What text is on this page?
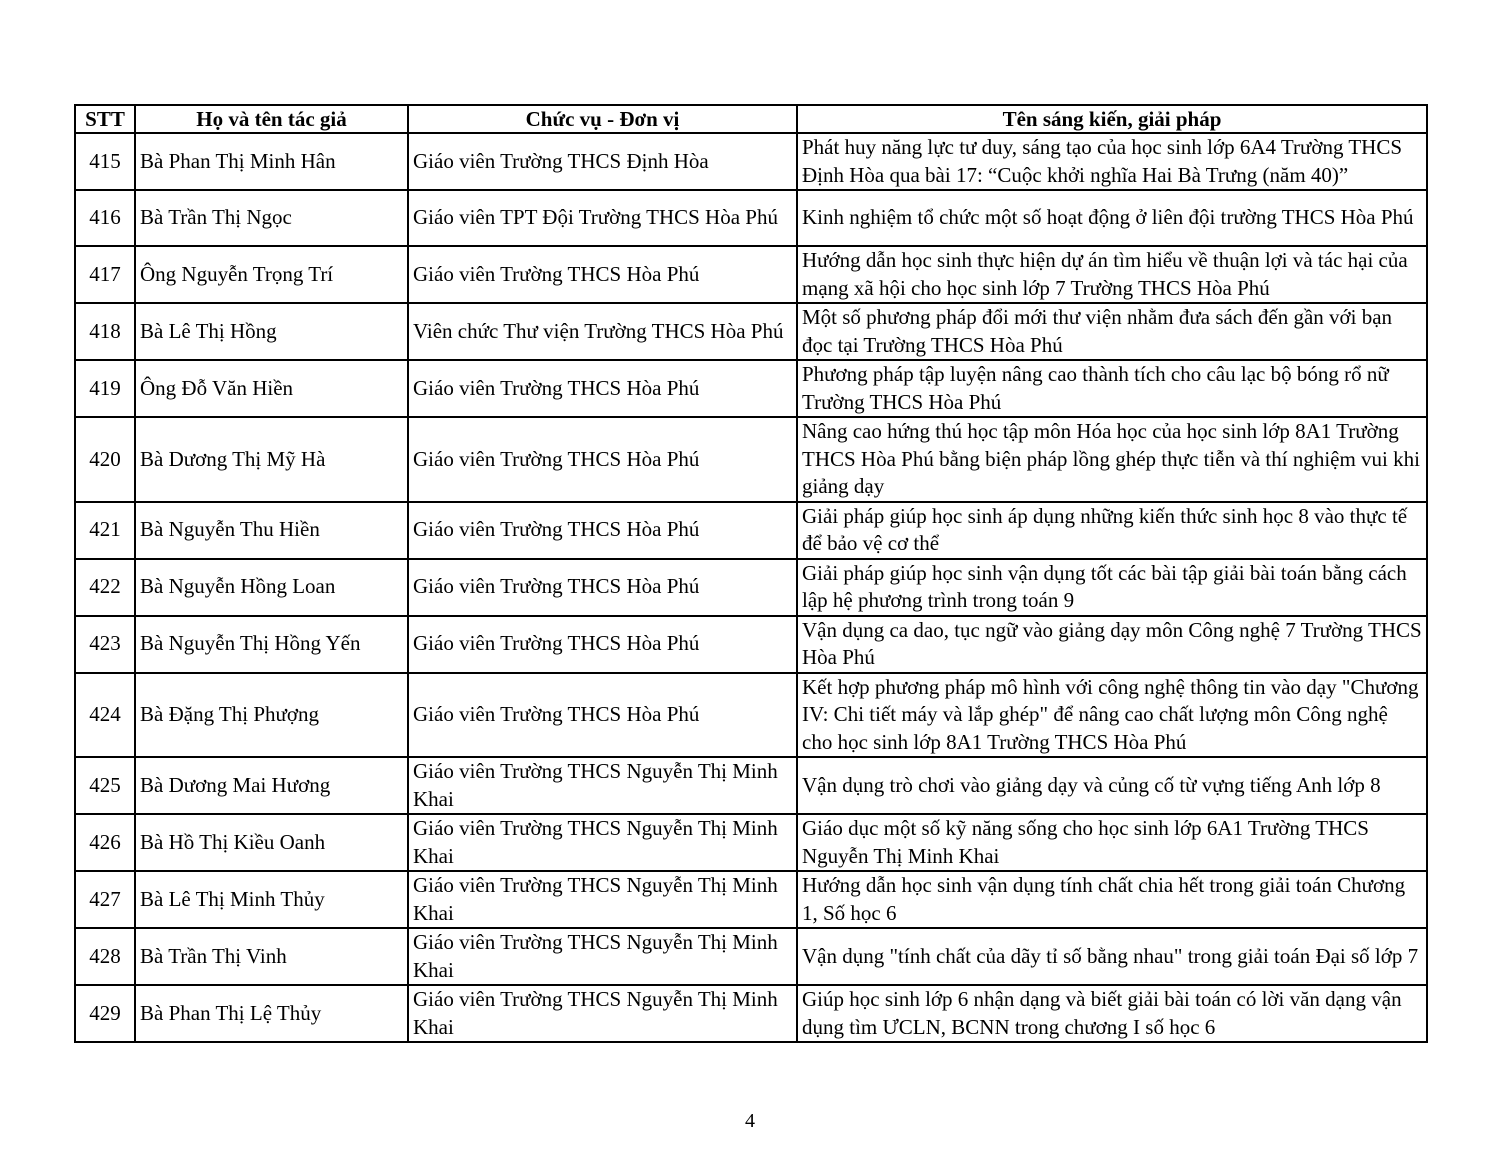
STT	Họ và tên tác giả	Chức vụ - Đơn vị	Tên sáng kiến, giải pháp
415	Bà Phan Thị Minh Hân	Giáo viên Trường THCS Định Hòa	Phát huy năng lực tư duy, sáng tạo của học sinh lớp 6A4 Trường THCS Định Hòa qua bài 17: “Cuộc khởi nghĩa Hai Bà Trưng (năm 40)”
416	Bà Trần Thị Ngọc	Giáo viên TPT Đội Trường THCS Hòa Phú	Kinh nghiệm tổ chức một số hoạt động ở liên đội trường THCS Hòa Phú
417	Ông Nguyễn Trọng Trí	Giáo viên Trường THCS Hòa Phú	Hướng dẫn học sinh thực hiện dự án tìm hiểu về thuận lợi và tác hại của mạng xã hội cho học sinh lớp 7 Trường THCS Hòa Phú
418	Bà Lê Thị Hồng	Viên chức Thư viện Trường THCS Hòa Phú	Một số phương pháp đổi mới thư viện nhằm đưa sách đến gần với bạn đọc tại Trường THCS Hòa Phú
419	Ông Đỗ Văn Hiền	Giáo viên Trường THCS Hòa Phú	Phương pháp tập luyện nâng cao thành tích cho câu lạc bộ bóng rổ nữ Trường THCS Hòa Phú
420	Bà Dương Thị Mỹ Hà	Giáo viên Trường THCS Hòa Phú	Nâng cao hứng thú học tập môn Hóa học của học sinh lớp 8A1 Trường THCS Hòa Phú bằng biện pháp lồng ghép thực tiễn và thí nghiệm vui khi giảng dạy
421	Bà Nguyễn Thu Hiền	Giáo viên Trường THCS Hòa Phú	Giải pháp giúp học sinh áp dụng những kiến thức sinh học 8 vào thực tế để bảo vệ cơ thể
422	Bà Nguyễn Hồng Loan	Giáo viên Trường THCS Hòa Phú	Giải pháp giúp học sinh vận dụng tốt các bài tập giải bài toán bằng cách lập hệ phương trình trong toán 9
423	Bà Nguyễn Thị Hồng Yến	Giáo viên Trường THCS Hòa Phú	Vận dụng ca dao, tục ngữ vào giảng dạy môn Công nghệ 7 Trường THCS Hòa Phú
424	Bà Đặng Thị Phượng	Giáo viên Trường THCS Hòa Phú	Kết hợp phương pháp mô hình với công nghệ thông tin vào dạy "Chương IV: Chi tiết máy và lắp ghép" để nâng cao chất lượng môn Công nghệ cho học sinh lớp 8A1 Trường THCS Hòa Phú
425	Bà Dương Mai Hương	Giáo viên Trường THCS Nguyễn Thị Minh Khai	Vận dụng trò chơi vào giảng dạy và củng cố từ vựng tiếng Anh lớp 8
426	Bà Hồ Thị Kiều Oanh	Giáo viên Trường THCS Nguyễn Thị Minh Khai	Giáo dục một số kỹ năng sống cho học sinh lớp 6A1 Trường THCS Nguyễn Thị Minh Khai
427	Bà Lê Thị Minh Thủy	Giáo viên Trường THCS Nguyễn Thị Minh Khai	Hướng dẫn học sinh vận dụng tính chất chia hết trong giải toán Chương 1, Số học 6
428	Bà Trần Thị Vinh	Giáo viên Trường THCS Nguyễn Thị Minh Khai	Vận dụng "tính chất của dãy tỉ số bằng nhau" trong giải toán Đại số lớp 7
429	Bà Phan Thị Lệ Thủy	Giáo viên Trường THCS Nguyễn Thị Minh Khai	Giúp học sinh lớp 6 nhận dạng và biết giải bài toán có lời văn dạng vận dụng tìm ƯCLN, BCNN trong chương I số học 6
4
